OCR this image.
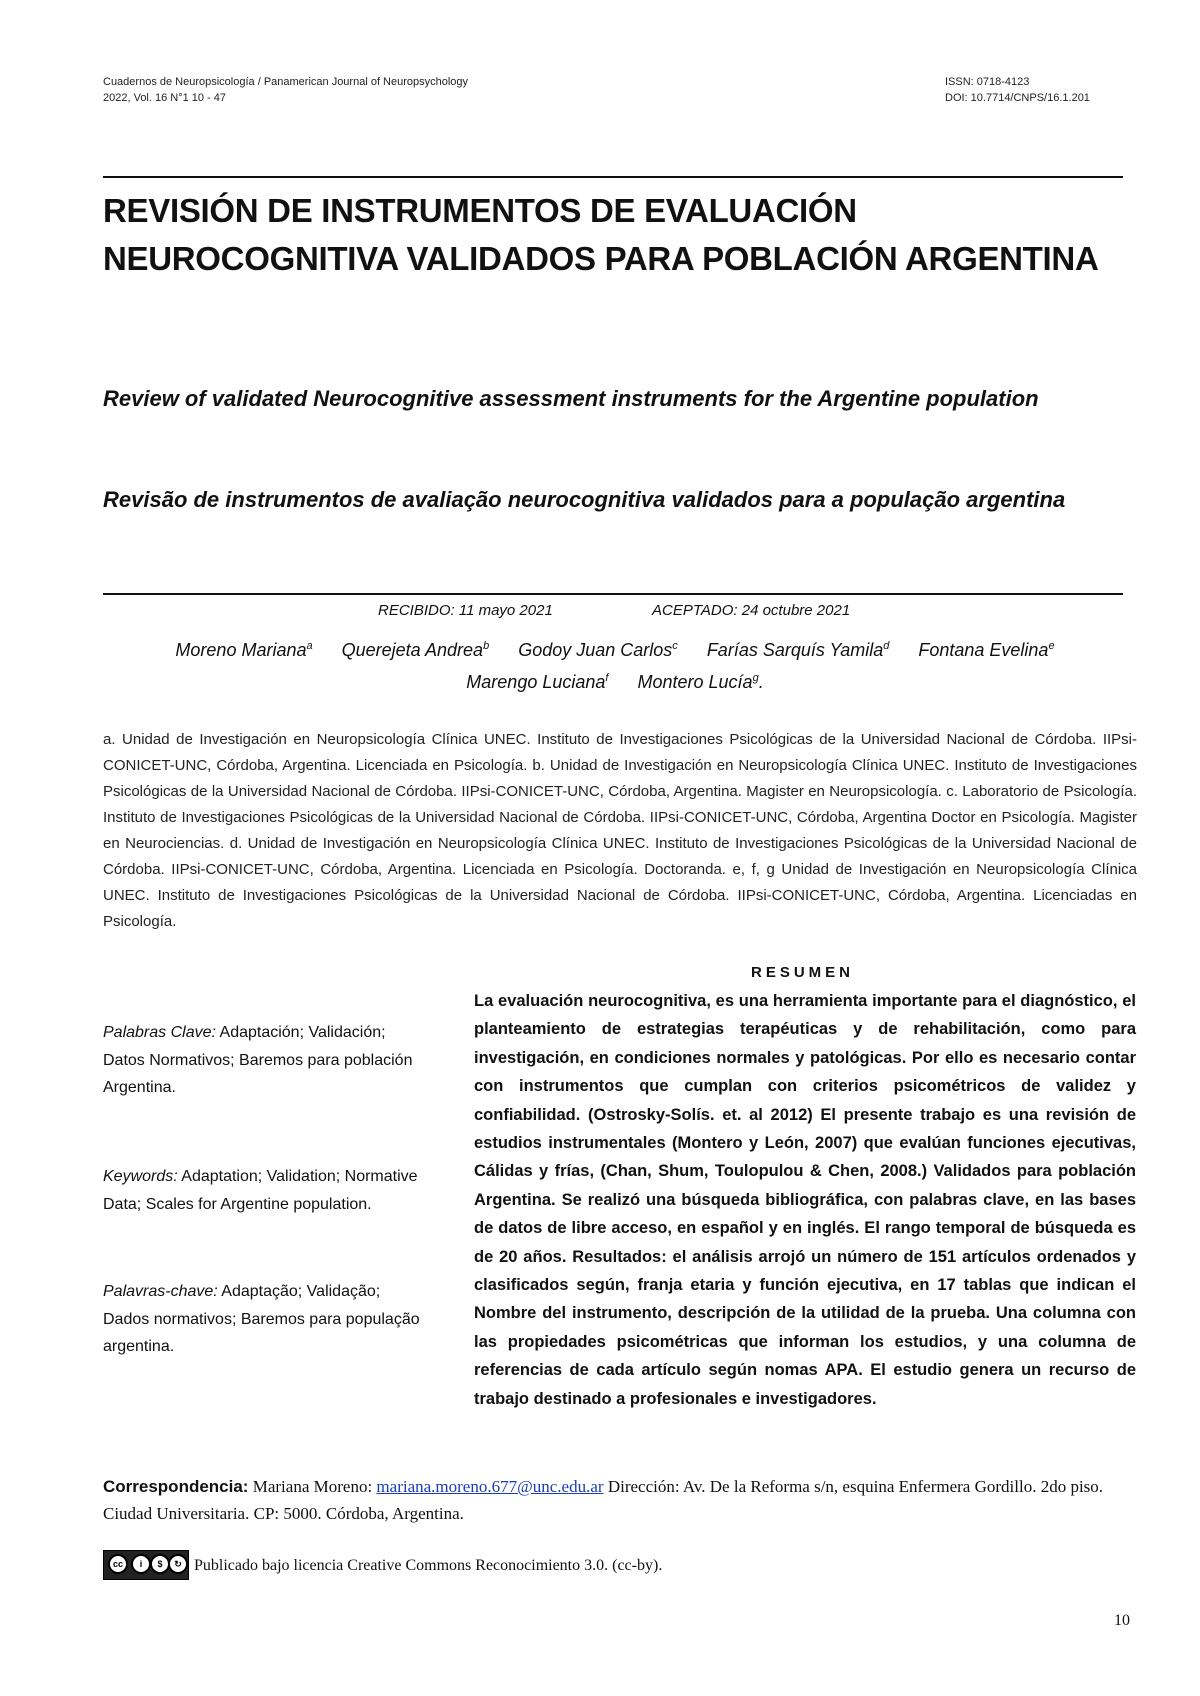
Cuadernos de Neuropsicología / Panamerican Journal of Neuropsychology
2022, Vol. 16 N°1 10 - 47
ISSN: 0718-4123
DOI: 10.7714/CNPS/16.1.201
REVISIÓN DE INSTRUMENTOS DE EVALUACIÓN NEUROCOGNITIVA VALIDADOS PARA POBLACIÓN ARGENTINA

Review of validated Neurocognitive assessment instruments for the Argentine population

Revisão de instrumentos de avaliação neurocognitiva validados para a população argentina

RECIBIDO: 11 mayo 2021	ACEPTADO: 24 octubre 2021
Moreno Mariana$^a$ Querejeta Andrea$^b$ Godoy Juan Carlos$^c$ Farías Sarquís Yamila$^d$ Fontana Evelina$^e$
Marengo Luciana$^f$ Montero Lucía$^g$.

a. Unidad de Investigación en Neuropsicología Clínica UNEC. Instituto de Investigaciones Psicológicas de la Universidad Nacional de Córdoba. IIPsi-CONICET-UNC, Córdoba, Argentina. Licenciada en Psicología. b. Unidad de Investigación en Neuropsicología Clínica UNEC. Instituto de Investigaciones Psicológicas de la Universidad Nacional de Córdoba. IIPsi-CONICET-UNC, Córdoba, Argentina. Magister en Neuropsicología. c. Laboratorio de Psicología. Instituto de Investigaciones Psicológicas de la Universidad Nacional de Córdoba. IIPsi-CONICET-UNC, Córdoba, Argentina Doctor en Psicología. Magister en Neurociencias. d. Unidad de Investigación en Neuropsicología Clínica UNEC. Instituto de Investigaciones Psicológicas de la Universidad Nacional de Córdoba. IIPsi-CONICET-UNC, Córdoba, Argentina. Licenciada en Psicología. Doctoranda. e, f, g Unidad de Investigación en Neuropsicología Clínica UNEC. Instituto de Investigaciones Psicológicas de la Universidad Nacional de Córdoba. IIPsi-CONICET-UNC, Córdoba, Argentina. Licenciadas en Psicología.

Palabras Clave: Adaptación; Validación; Datos Normativos; Baremos para población Argentina.

Keywords: Adaptation; Validation; Normative Data; Scales for Argentine population.

Palavras-chave: Adaptação; Validação; Dados normativos; Baremos para população argentina.

RESUMEN

La evaluación neurocognitiva, es una herramienta importante para el diagnóstico, el planteamiento de estrategias terapéuticas y de rehabilitación, como para investigación, en condiciones normales y patológicas. Por ello es necesario contar con instrumentos que cumplan con criterios psicométricos de validez y confiabilidad. (Ostrosky-Solís. et. al 2012) El presente trabajo es una revisión de estudios instrumentales (Montero y León, 2007) que evalúan funciones ejecutivas, Cálidas y frías, (Chan, Shum, Toulopulou & Chen, 2008.) Validados para población Argentina. Se realizó una búsqueda bibliográfica, con palabras clave, en las bases de datos de libre acceso, en español y en inglés. El rango temporal de búsqueda es de 20 años. Resultados: el análisis arrojó un número de 151 artículos ordenados y clasificados según, franja etaria y función ejecutiva, en 17 tablas que indican el Nombre del instrumento, descripción de la utilidad de la prueba. Una columna con las propiedades psicométricas que informan los estudios, y una columna de referencias de cada artículo según nomas APA. El estudio genera un recurso de trabajo destinado a profesionales e investigadores.

Correspondencia: Mariana Moreno: mariana.moreno.677@unc.edu.ar Dirección: Av. De la Reforma s/n, esquina Enfermera Gordillo. 2do piso. Ciudad Universitaria. CP: 5000. Córdoba, Argentina.

cc	i	$	↻ Publicado bajo licencia Creative Commons Reconocimiento 3.0. (cc-by).
10
